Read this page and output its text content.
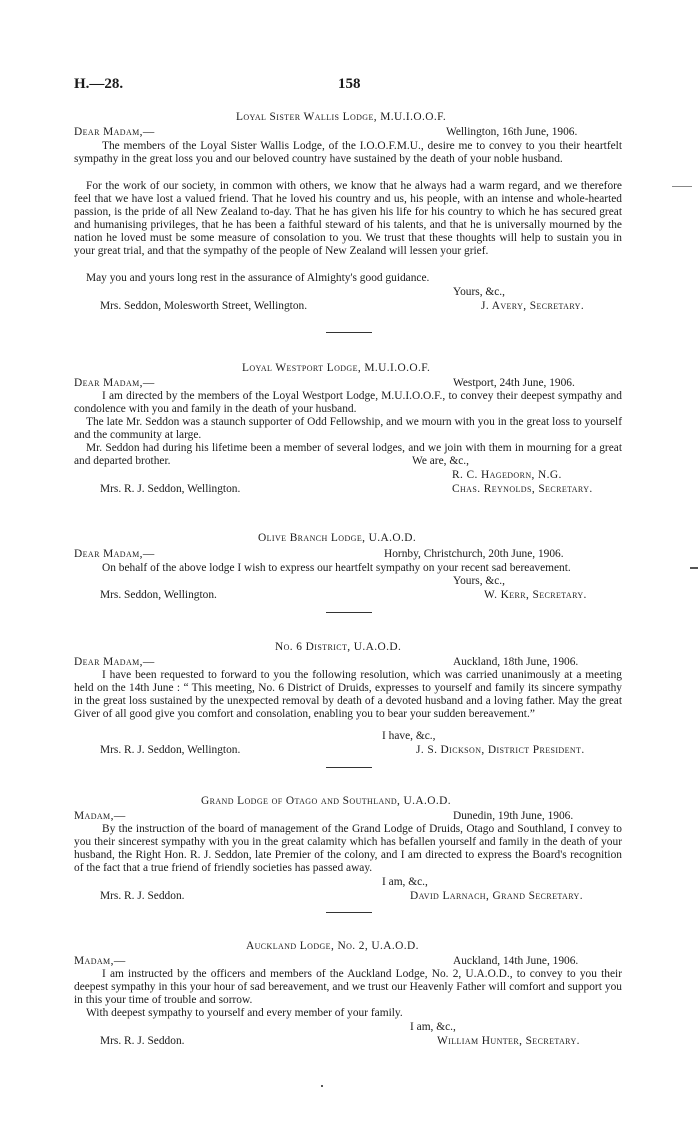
H.—28.	158
Loyal Sister Wallis Lodge, M.U.I.O.O.F.
Dear Madam,—	Wellington, 16th June, 1906.

The members of the Loyal Sister Wallis Lodge, of the I.O.O.F.M.U., desire me to convey to you their heartfelt sympathy in the great loss you and our beloved country have sustained by the death of your noble husband.

For the work of our society, in common with others, we know that he always had a warm regard, and we therefore feel that we have lost a valued friend. That he loved his country and us, his people, with an intense and whole-hearted passion, is the pride of all New Zealand to-day. That he has given his life for his country to which he has secured great and humanising privileges, that he has been a faithful steward of his talents, and that he is universally mourned by the nation he loved must be some measure of consolation to you. We trust that these thoughts will help to sustain you in your great trial, and that the sympathy of the people of New Zealand will lessen your grief.

May you and yours long rest in the assurance of Almighty's good guidance.

Yours, &c.,
Mrs. Seddon, Molesworth Street, Wellington.	J. Avery, Secretary.
Loyal Westport Lodge, M.U.I.O.O.F.
Dear Madam,—	Westport, 24th June, 1906.

I am directed by the members of the Loyal Westport Lodge, M.U.I.O.O.F., to convey their deepest sympathy and condolence with you and family in the death of your husband.

The late Mr. Seddon was a staunch supporter of Odd Fellowship, and we mourn with you in the great loss to yourself and the community at large.

Mr. Seddon had during his lifetime been a member of several lodges, and we join with them in mourning for a great and departed brother.	We are, &c.,
R. C. Hagedorn, N.G.
Mrs. R. J. Seddon, Wellington.	Chas. Reynolds, Secretary.
Olive Branch Lodge, U.A.O.D.
Dear Madam,—	Hornby, Christchurch, 20th June, 1906.

On behalf of the above lodge I wish to express our heartfelt sympathy on your recent sad bereavement.

Yours, &c.,
Mrs. Seddon, Wellington.	W. Kerr, Secretary.
No. 6 District, U.A.O.D.
Dear Madam,—	Auckland, 18th June, 1906.

I have been requested to forward to you the following resolution, which was carried unanimously at a meeting held on the 14th June : “ This meeting, No. 6 District of Druids, expresses to yourself and family its sincere sympathy in the great loss sustained by the unexpected removal by death of a devoted husband and a loving father. May the great Giver of all good give you comfort and consolation, enabling you to bear your sudden bereavement.”

I have, &c.,
Mrs. R. J. Seddon, Wellington.	J. S. Dickson, District President.
Grand Lodge of Otago and Southland, U.A.O.D.
Madam,—	Dunedin, 19th June, 1906.

By the instruction of the board of management of the Grand Lodge of Druids, Otago and Southland, I convey to you their sincerest sympathy with you in the great calamity which has befallen yourself and family in the death of your husband, the Right Hon. R. J. Seddon, late Premier of the colony, and I am directed to express the Board's recognition of the fact that a true friend of friendly societies has passed away.

I am, &c.,
Mrs. R. J. Seddon.	David Larnach, Grand Secretary.
Auckland Lodge, No. 2, U.A.O.D.
Madam,—	Auckland, 14th June, 1906.

I am instructed by the officers and members of the Auckland Lodge, No. 2, U.A.O.D., to convey to you their deepest sympathy in this your hour of sad bereavement, and we trust our Heavenly Father will comfort and support you in this your time of trouble and sorrow.

With deepest sympathy to yourself and every member of your family.

I am, &c.,
Mrs. R. J. Seddon.	William Hunter, Secretary.
